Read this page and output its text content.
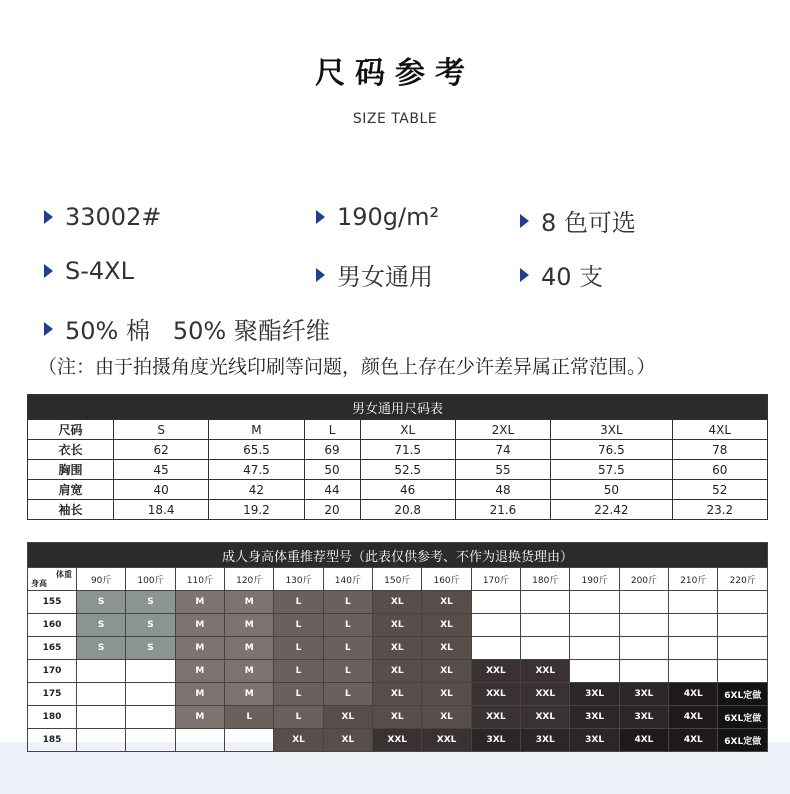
尺码参考
SIZE TABLE
33002#	190g/m²	8 色可选
S-4XL	男女通用	40 支
50% 棉   50% 聚酯纤维
（注：由于拍摄角度光线印刷等问题，颜色上存在少许差异属正常范围。）
男女通用尺码表							
尺码	S	M	L	XL	2XL	3XL	4XL
衣长	62	65.5	69	71.5	74	76.5	78
胸围	45	47.5	50	52.5	55	57.5	60
肩宽	40	42	44	46	48	50	52
袖长	18.4	19.2	20	20.8	21.6	22.42	23.2
成人身高体重推荐型号（此表仅供参考、不作为退换货理由）														

体重
身高	90斤	100斤	110斤	120斤	130斤	140斤	150斤	160斤	170斤	180斤	190斤	200斤	210斤	220斤
155	S	S	M	M	L	L	XL	XL						
160	S	S	M	M	L	L	XL	XL						
165	S	S	M	M	L	L	XL	XL						
170			M	M	L	L	XL	XL	XXL	XXL				
175			M	M	L	L	XL	XL	XXL	XXL	3XL	3XL	4XL	6XL定做
180			M	L	L	XL	XL	XL	XXL	XXL	3XL	3XL	4XL	6XL定做
185					XL	XL	XXL	XXL	3XL	3XL	3XL	4XL	4XL	6XL定做
